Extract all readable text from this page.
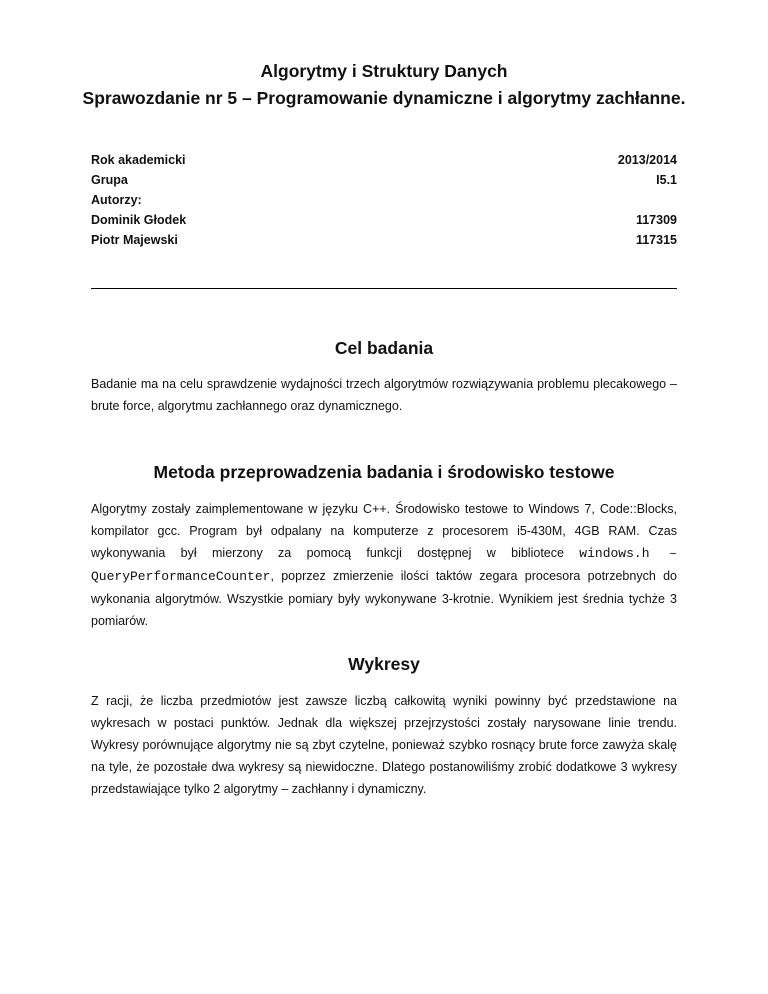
Algorytmy i Struktury Danych
Sprawozdanie nr 5 – Programowanie dynamiczne i algorytmy zachłanne.
Rok akademicki	2013/2014
Grupa	I5.1
Autorzy:
Dominik Głodek	117309
Piotr Majewski	117315
Cel badania
Badanie ma na celu sprawdzenie wydajności trzech algorytmów rozwiązywania problemu plecakowego – brute force, algorytmu zachłannego oraz dynamicznego.
Metoda przeprowadzenia badania i środowisko testowe
Algorytmy zostały zaimplementowane w języku C++. Środowisko testowe to Windows 7, Code::Blocks, kompilator gcc. Program był odpalany na komputerze z procesorem i5-430M, 4GB RAM. Czas wykonywania był mierzony za pomocą funkcji dostępnej w bibliotece windows.h – QueryPerformanceCounter, poprzez zmierzenie ilości taktów zegara procesora potrzebnych do wykonania algorytmów. Wszystkie pomiary były wykonywane 3-krotnie. Wynikiem jest średnia tychże 3 pomiarów.
Wykresy
Z racji, że liczba przedmiotów jest zawsze liczbą całkowitą wyniki powinny być przedstawione na wykresach w postaci punktów. Jednak dla większej przejrzystości zostały narysowane linie trendu. Wykresy porównujące algorytmy nie są zbyt czytelne, ponieważ szybko rosnący brute force zawyża skalę na tyle, że pozostałe dwa wykresy są niewidoczne. Dlatego postanowiliśmy zrobić dodatkowe 3 wykresy przedstawiające tylko 2 algorytmy – zachłanny i dynamiczny.
